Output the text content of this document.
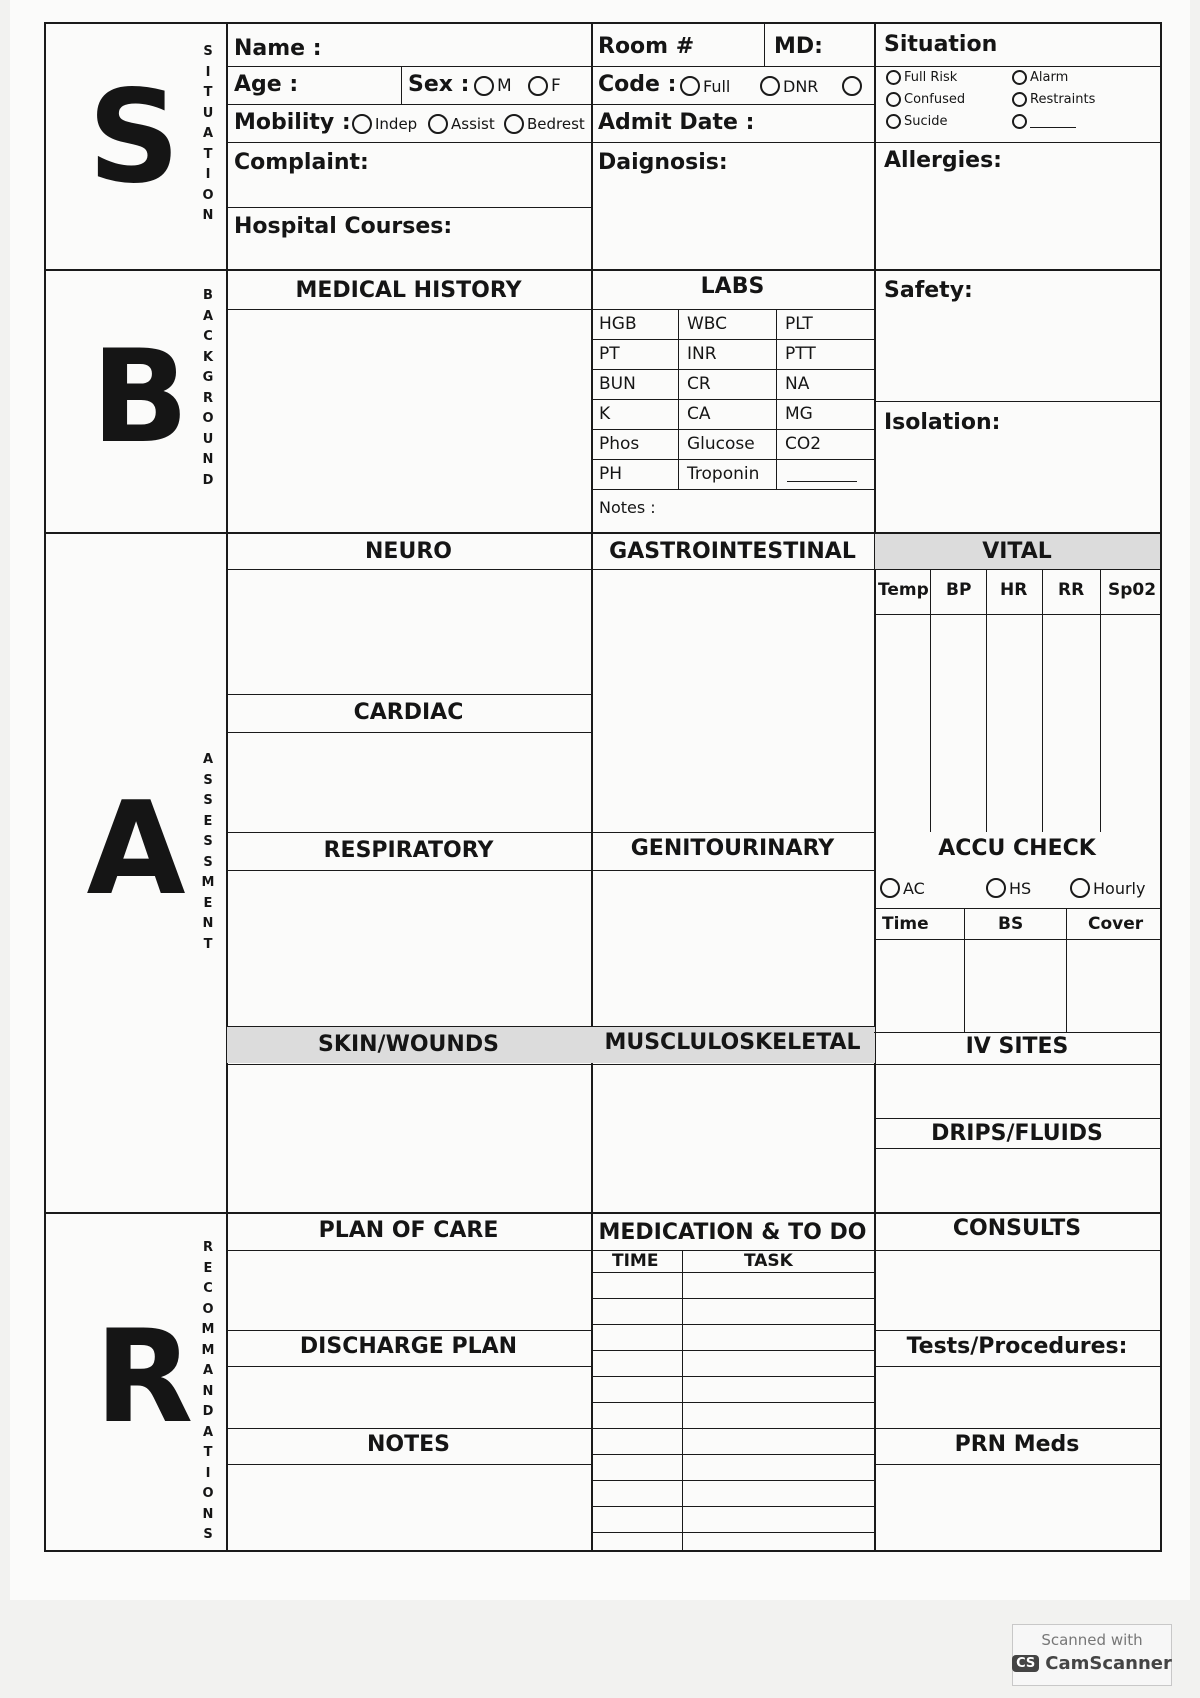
S
S
I
T
U
A
T
I
O
N
Name :
Age :	Sex : M F
Mobility : Indep Assist Bedrest
Complaint:
Hospital Courses:
Room #	MD:
Code : Full	DNR
Admit Date :
Daignosis:
Situation
Full Risk	Alarm
Confused	Restraints
Sucide
Allergies:
B
B
A
C
K
G
R
O
U
N
D
MEDICAL HISTORY	LABS
HGB	WBC	PLT
PT	INR	PTT
BUN	CR	NA
K	CA	MG
Phos	Glucose CO2
PH	Troponin
Notes :
Safety:
Isolation:
A
A
S
S
E
S
S
M
E
N
T
NEURO
CARDIAC
RESPIRATORY
SKIN/WOUNDS
GASTROINTESTINAL
GENITOURINARY
MUSCLULOSKELETAL
VITAL
Temp BP HR RR Sp02
ACCU CHECK
AC	HS	Hourly
Time	BS	Cover
IV SITES
DRIPS/FLUIDS
R
R
E
C
O
M
M
A
N
D
A
T
I
O
N
S
PLAN OF CARE
DISCHARGE PLAN
NOTES
MEDICATION & TO DO
TIME	TASK
CONSULTS
Tests/Procedures:
PRN Meds
Scanned with
CS CamScanner
